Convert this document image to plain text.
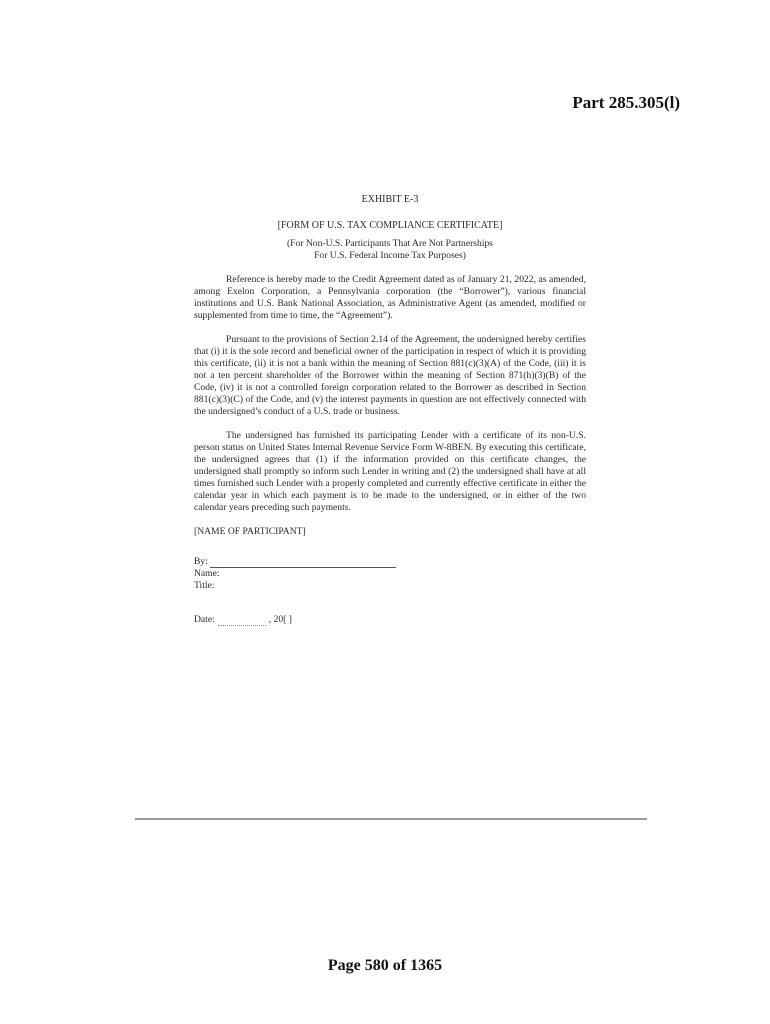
Part 285.305(l)
EXHIBIT E-3
[FORM OF U.S. TAX COMPLIANCE CERTIFICATE]
(For Non-U.S. Participants That Are Not Partnerships
For U.S. Federal Income Tax Purposes)

Reference is hereby made to the Credit Agreement dated as of January 21, 2022, as amended, among Exelon Corporation, a Pennsylvania corporation (the “Borrower”), various financial institutions and U.S. Bank National Association, as Administrative Agent (as amended, modified or supplemented from time to time, the “Agreement”).

Pursuant to the provisions of Section 2.14 of the Agreement, the undersigned hereby certifies that (i) it is the sole record and beneficial owner of the participation in respect of which it is providing this certificate, (ii) it is not a bank within the meaning of Section 881(c)(3)(A) of the Code, (iii) it is not a ten percent shareholder of the Borrower within the meaning of Section 871(h)(3)(B) of the Code, (iv) it is not a controlled foreign corporation related to the Borrower as described in Section 881(c)(3)(C) of the Code, and (v) the interest payments in question are not effectively connected with the undersigned’s conduct of a U.S. trade or business.

The undersigned has furnished its participating Lender with a certificate of its non-U.S. person status on United States Internal Revenue Service Form W-8BEN. By executing this certificate, the undersigned agrees that (1) if the information provided on this certificate changes, the undersigned shall promptly so inform such Lender in writing and (2) the undersigned shall have at all times furnished such Lender with a properly completed and currently effective certificate in either the calendar year in which each payment is to be made to the undersigned, or in either of the two calendar years preceding such payments.

[NAME OF PARTICIPANT]
By:
Name:
Title:
Date:	, 20[ ]
Page 580 of 1365
